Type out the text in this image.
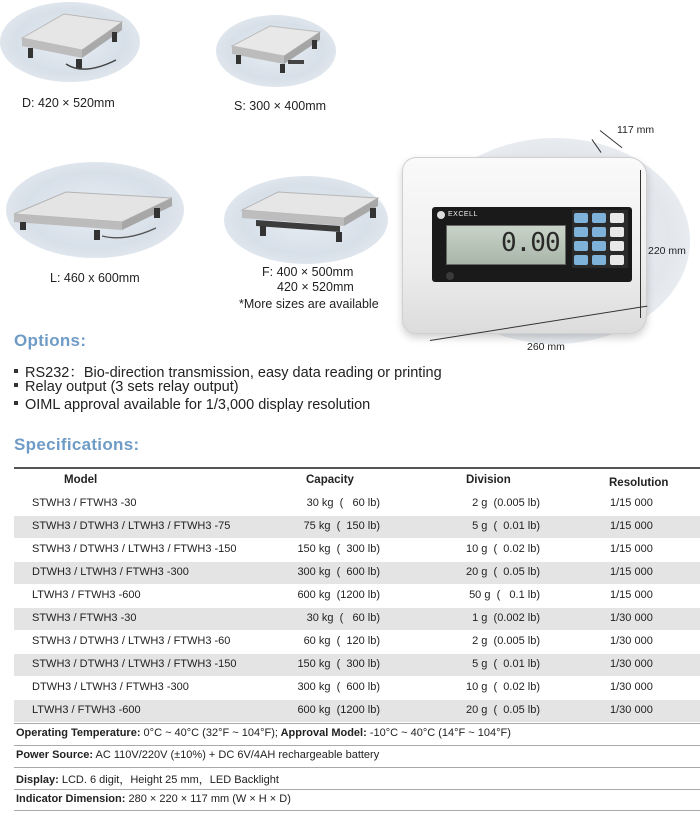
D: 420 × 520mm	S: 300 × 400mm
L: 460 x 600mm	F: 400 × 500mm
420 × 520mm
*More sizes are available
EXCELL
0.00
117 mm
220 mm
260 mm
Options:
RS232：Bio-direction transmission, easy data reading or printing
Relay output (3 sets relay output)
OIML approval available for 1/3,000 display resolution
Specifications:
Model	Capacity	Division	Resolution
STWH3 / FTWH3 -30	30 kg  (   60 lb)	2 g  (0.005 lb)	1/15 000
STWH3 / DTWH3 / LTWH3 / FTWH3 -75	75 kg  (  150 lb)	5 g  (  0.01 lb)	1/15 000
STWH3 / DTWH3 / LTWH3 / FTWH3 -150	150 kg  (  300 lb)	10 g  (  0.02 lb)	1/15 000
DTWH3 / LTWH3 / FTWH3 -300	300 kg  (  600 lb)	20 g  (  0.05 lb)	1/15 000
LTWH3 / FTWH3 -600	600 kg  (1200 lb)	50 g  (   0.1 lb)	1/15 000
STWH3 / FTWH3 -30	30 kg  (   60 lb)	1 g  (0.002 lb)	1/30 000
STWH3 / DTWH3 / LTWH3 / FTWH3 -60	60 kg  (  120 lb)	2 g  (0.005 lb)	1/30 000
STWH3 / DTWH3 / LTWH3 / FTWH3 -150	150 kg  (  300 lb)	5 g  (  0.01 lb)	1/30 000
DTWH3 / LTWH3 / FTWH3 -300	300 kg  (  600 lb)	10 g  (  0.02 lb)	1/30 000
LTWH3 / FTWH3 -600	600 kg  (1200 lb)	20 g  (  0.05 lb)	1/30 000
Operating Temperature: 0°C ~ 40°C (32°F ~ 104°F); Approval Model: -10°C ~ 40°C (14°F ~ 104°F)
Power Source: AC 110V/220V (±10%) + DC 6V/4AH rechargeable battery
Display: LCD. 6 digit，Height 25 mm，LED Backlight
Indicator Dimension: 280 × 220 × 117 mm (W × H × D)
